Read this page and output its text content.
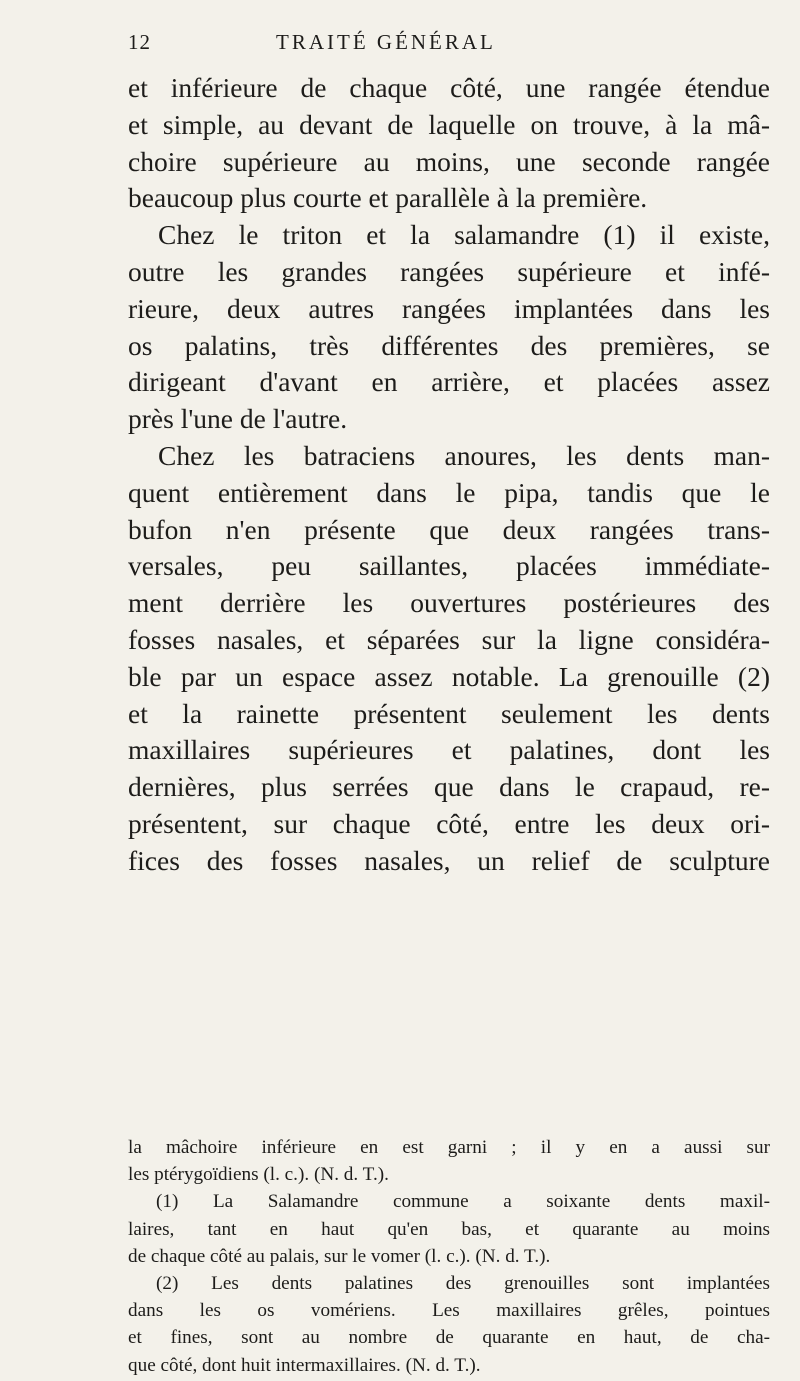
12	TRAITÉ GÉNÉRAL
et inférieure de chaque côté, une rangée étendue
et simple, au devant de laquelle on trouve, à la mâ-
choire supérieure au moins, une seconde rangée
beaucoup plus courte et parallèle à la première.
Chez le triton et la salamandre (1) il existe,
outre les grandes rangées supérieure et infé-
rieure, deux autres rangées implantées dans les
os palatins, très différentes des premières, se
dirigeant d'avant en arrière, et placées assez
près l'une de l'autre.
Chez les batraciens anoures, les dents man-
quent entièrement dans le pipa, tandis que le
bufon n'en présente que deux rangées trans-
versales, peu saillantes, placées immédiate-
ment derrière les ouvertures postérieures des
fosses nasales, et séparées sur la ligne considéra-
ble par un espace assez notable. La grenouille (2)
et la rainette présentent seulement les dents
maxillaires supérieures et palatines, dont les
dernières, plus serrées que dans le crapaud, re-
présentent, sur chaque côté, entre les deux ori-
fices des fosses nasales, un relief de sculpture
la mâchoire inférieure en est garni ; il y en a aussi sur
les ptérygoïdiens (l. c.). (N. d. T.).
(1) La Salamandre commune a soixante dents maxil-
laires, tant en haut qu'en bas, et quarante au moins
de chaque côté au palais, sur le vomer (l. c.). (N. d. T.).
(2) Les dents palatines des grenouilles sont implantées
dans les os vomériens. Les maxillaires grêles, pointues
et fines, sont au nombre de quarante en haut, de cha-
que côté, dont huit intermaxillaires. (N. d. T.).
